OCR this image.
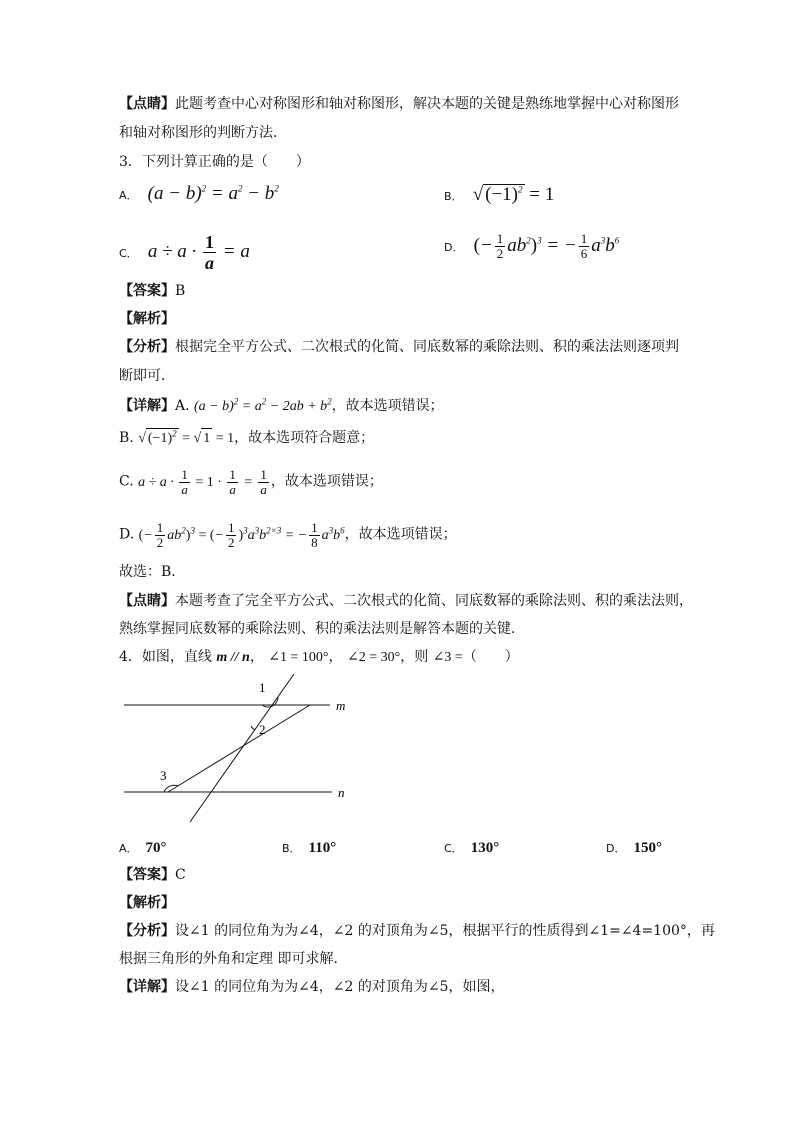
【点睛】此题考查中心对称图形和轴对称图形，解决本题的关键是熟练地掌握中心对称图形
和轴对称图形的判断方法．
3．下列计算正确的是（　　）
A． $(a - b)^2 = a^2 - b^2$
B． √ $(-1)^2 = 1$
C． $a \div a \cdot \frac{1}{a} = a$	D． (− $\frac{1}{2} ab^2)^3$ = − $\frac{1}{6} a^3b^6$
【答案】B
【解析】
【分析】根据完全平方公式、二次根式的化简、同底数幂的乘除法则、积的乘法法则逐项判
断即可．
【详解】A. $(a - b)^2 = a^2 - 2ab + b^2$，故本选项错误；
B. √ $(-1)^2$ = √ 1 = 1，故本选项符合题意；
C. $a \div a \cdot \frac{1}{a} = 1 \cdot \frac{1}{a} = \frac{1}{a}$ ，故本选项错误；
D. (− $\frac{1}{2} ab^2)^3$ = (− $\frac{1}{2} )^3a^3b^{2\times 3}$ = − $\frac{1}{8} a^3b^6$，故本选项错误；
故选：B．
【点睛】本题考查了完全平方公式、二次根式的化简、同底数幂的乘除法则、积的乘法法则，
熟练掌握同底数幂的乘除法则、积的乘法法则是解答本题的关键．
4．如图，直线 m // n， ∠1 = 100°， ∠2 = 30°，则 ∠3 =（　　）
1
2
3
m
n
A． 70°	B． 110°	C． 130°	D． 150°
【答案】C
【解析】
【分析】设∠1 的同位角为为∠4，∠2 的对顶角为∠5，根据平行的性质得到∠1=∠4=100°，再
根据三角形的外角和定理 即可求解．
【详解】设∠1 的同位角为为∠4，∠2 的对顶角为∠5，如图，
